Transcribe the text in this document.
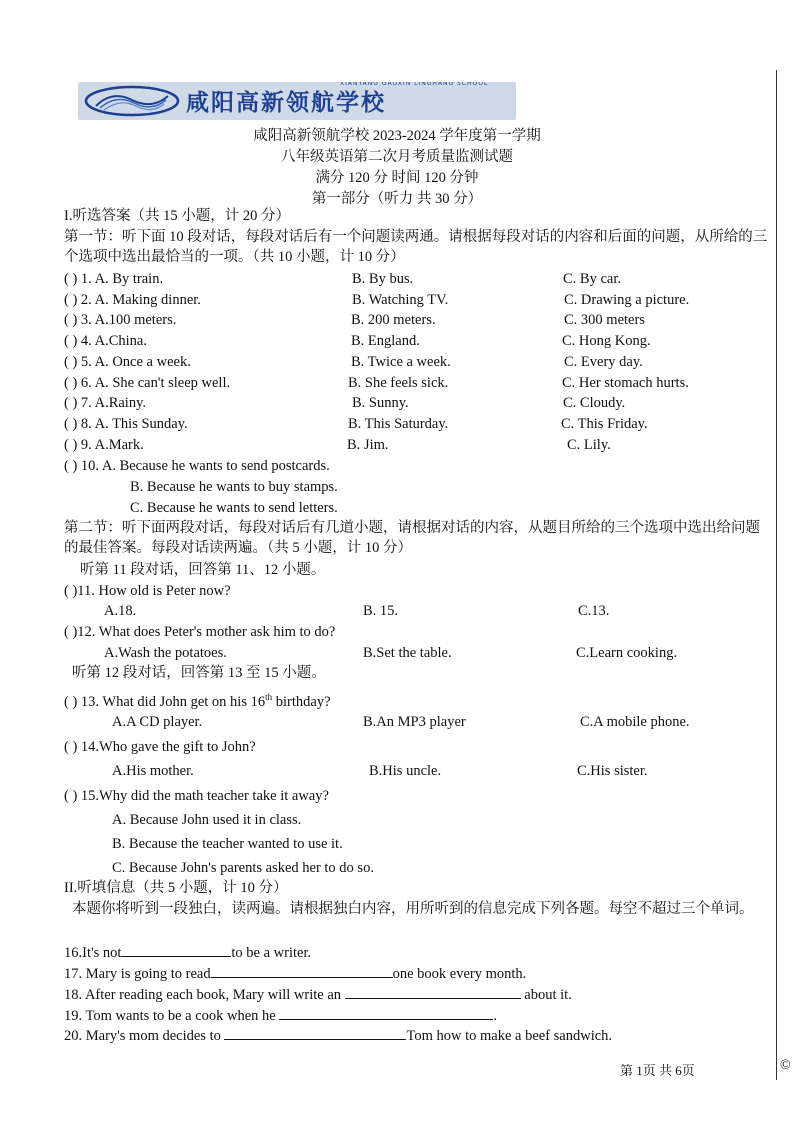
©
XIANYANG GAOXIN LINGHANG SCHOOL
咸阳高新领航学校
咸阳高新领航学校 2023-2024 学年度第一学期
八年级英语第二次月考质量监测试题
满分 120 分 时间 120 分钟
第一部分（听力 共 30 分）
I.听选答案（共 15 小题，计 20 分）
第一节：听下面 10 段对话，每段对话后有一个问题读两通。请根据每段对话的内容和后面的问题，从所给的三个选项中选出最恰当的一项。（共 10 小题，计 10 分）
( ) 1. A. By train.	B. By bus.	C. By car.
( ) 2. A. Making dinner.	B. Watching TV.	C. Drawing a picture.
( ) 3. A.100 meters.	B. 200 meters.	C. 300 meters
( ) 4. A.China.	B. England.	C. Hong Kong.
( ) 5. A. Once a week.	B. Twice a week.	C. Every day.
( ) 6. A. She can't sleep well.	B. She feels sick.	C. Her stomach hurts.
( ) 7. A.Rainy.	B. Sunny.	C. Cloudy.
( ) 8. A. This Sunday.	B. This Saturday.	C. This Friday.
( ) 9. A.Mark.	B. Jim.	C. Lily.
( ) 10. A. Because he wants to send postcards.
B. Because he wants to buy stamps.
C. Because he wants to send letters.
第二节：听下面两段对话，每段对话后有几道小题，请根据对话的内容，从题目所给的三个选项中选出给问题的最佳答案。每段对话读两遍。（共 5 小题，计 10 分）
听第 11 段对话，回答第 11、12 小题。
( )11. How old is Peter now?
A.18.	B. 15.	C.13.
( )12. What does Peter's mother ask him to do?
A.Wash the potatoes.	B.Set the table.	C.Learn cooking.
听第 12 段对话，回答第 13 至 15 小题。
( ) 13. What did John get on his 16th birthday?
A.A CD player.	B.An MP3 player	C.A mobile phone.
( ) 14.Who gave the gift to John?
A.His mother.	B.His uncle.	C.His sister.
( ) 15.Why did the math teacher take it away?
A. Because John used it in class.
B. Because the teacher wanted to use it.
C. Because John's parents asked her to do so.
II.听填信息（共 5 小题，计 10 分）
本题你将听到一段独白，读两遍。请根据独白内容，用所听到的信息完成下列各题。每空不超过三个单词。
16.It's not	to be a writer.
17. Mary is going to read	one book every month.
18. After reading each book, Mary will write an	about it.
19. Tom wants to be a cook when he	.
20. Mary's mom decides to	Tom how to make a beef sandwich.
第 1页 共 6页
